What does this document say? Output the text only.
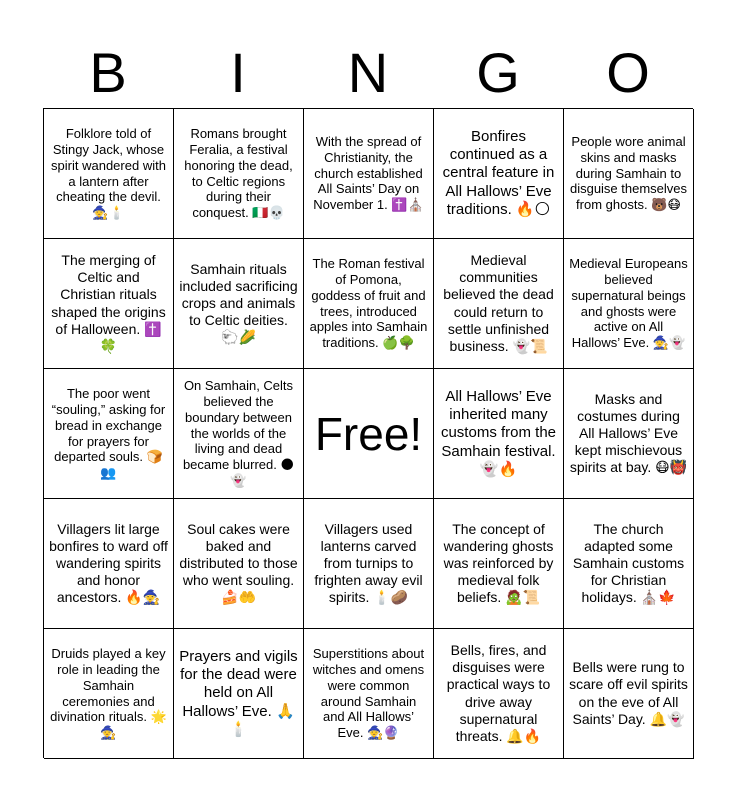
B	I	N	G	O
Folklore told of Stingy Jack, whose spirit wandered with a lantern after cheating the devil. 🧙🕯️
Romans brought Feralia, a festival honoring the dead, to Celtic regions during their conquest. 🇮🇹💀
With the spread of Christianity, the church established All Saints’ Day on November 1. ✝️⛪
Bonfires continued as a central feature in All Hallows’ Eve traditions. 🔥🌕
People wore animal skins and masks during Samhain to disguise themselves from ghosts. 🐻😷
The merging of Celtic and Christian rituals shaped the origins of Halloween. ✝️🍀
Samhain rituals included sacrificing crops and animals to Celtic deities. 🐑🌽
The Roman festival of Pomona, goddess of fruit and trees, introduced apples into Samhain traditions. 🍏🌳
Medieval communities believed the dead could return to settle unfinished business. 👻📜
Medieval Europeans believed supernatural beings and ghosts were active on All Hallows’ Eve. 🧙👻
The poor went “souling,” asking for bread in exchange for prayers for departed souls. 🍞👥
On Samhain, Celts believed the boundary between the worlds of the living and dead became blurred. 🌑👻
Free!
All Hallows’ Eve inherited many customs from the Samhain festival. 👻🔥
Masks and costumes during All Hallows’ Eve kept mischievous spirits at bay. 😷👹
Villagers lit large bonfires to ward off wandering spirits and honor ancestors. 🔥🧙
Soul cakes were baked and distributed to those who went souling. 🍰🤲
Villagers used lanterns carved from turnips to frighten away evil spirits. 🕯️🥔
The concept of wandering ghosts was reinforced by medieval folk beliefs. 🧟📜
The church adapted some Samhain customs for Christian holidays. ⛪🍁
Druids played a key role in leading the Samhain ceremonies and divination rituals. 🌟🧙
Prayers and vigils for the dead were held on All Hallows’ Eve. 🙏🕯️
Superstitions about witches and omens were common around Samhain and All Hallows’ Eve. 🧙🔮
Bells, fires, and disguises were practical ways to drive away supernatural threats. 🔔🔥
Bells were rung to scare off evil spirits on the eve of All Saints’ Day. 🔔👻
